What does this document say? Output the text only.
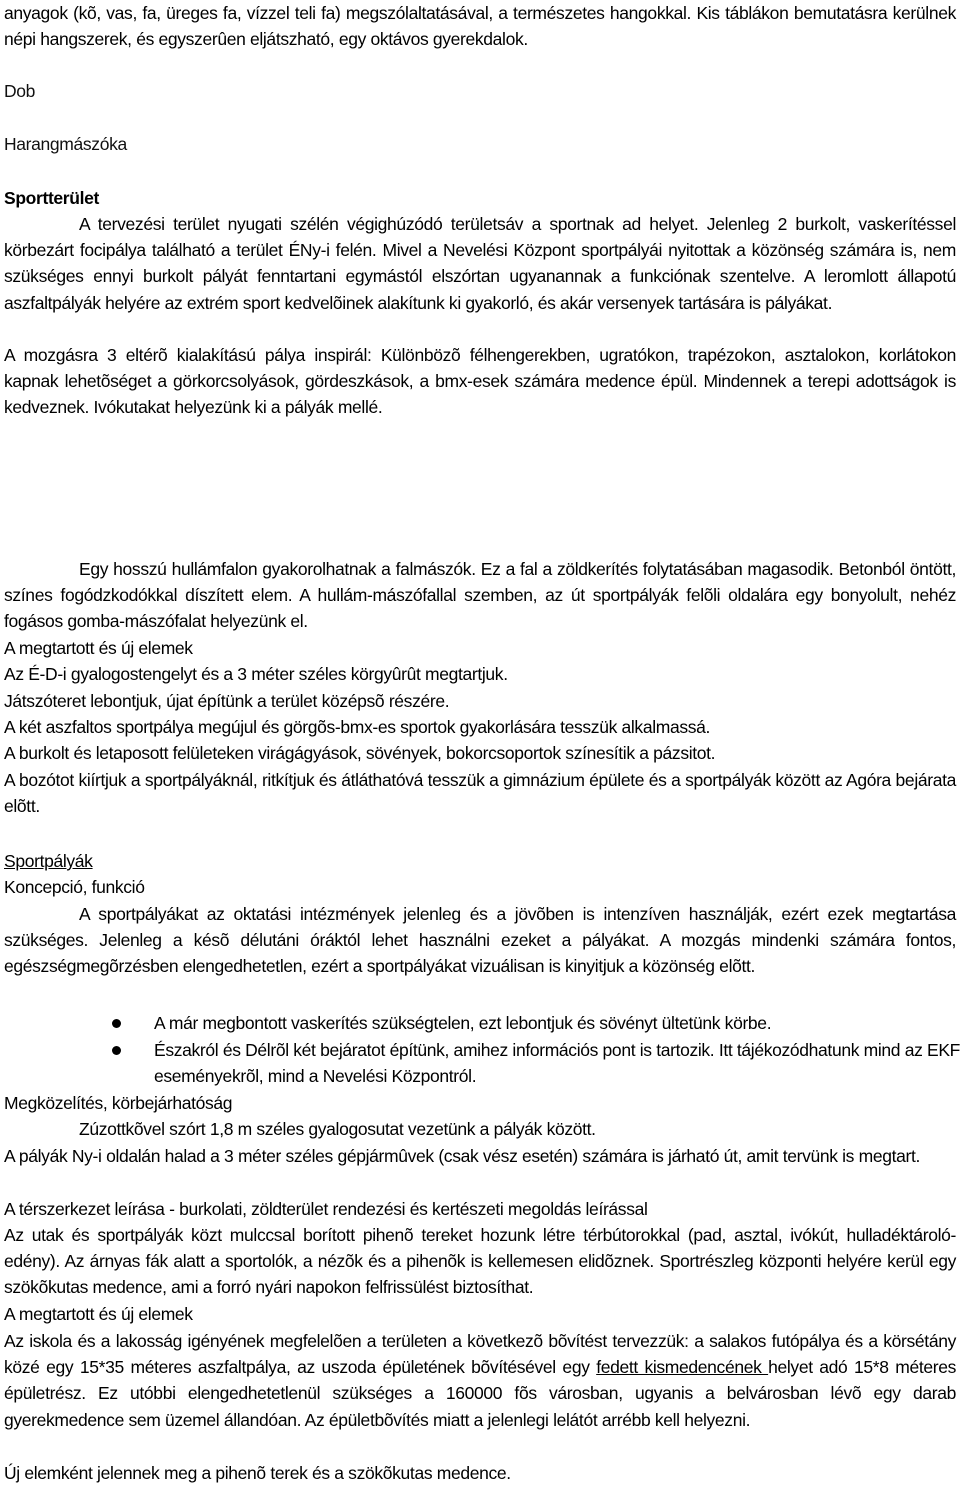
anyagok (kõ, vas, fa, üreges fa, vízzel teli fa) megszólaltatásával, a természetes hangokkal. Kis táblákon bemutatásra kerülnek népi hangszerek, és egyszerûen eljátszható, egy oktávos gyerekdalok.

Dob

Harangmászóka

Sportterület

A tervezési terület nyugati szélén végighúzódó területsáv a sportnak ad helyet. Jelenleg 2 burkolt, vaskerítéssel körbezárt focipálya található a terület ÉNy-i felén. Mivel a Nevelési Központ sportpályái nyitottak a közönség számára is, nem szükséges ennyi burkolt pályát fenntartani egymástól elszórtan ugyanannak a funkciónak szentelve. A leromlott állapotú aszfaltpályák helyére az extrém sport kedvelõinek alakítunk ki gyakorló, és akár versenyek tartására is pályákat.

A mozgásra 3 eltérõ kialakítású pálya inspirál: Különbözõ félhengerekben, ugratókon, trapézokon, asztalokon, korlátokon kapnak lehetõséget a görkorcsolyások, gördeszkások, a bmx-esek számára medence épül. Mindennek a terepi adottságok is kedveznek. Ivókutakat helyezünk ki a pályák mellé.

Egy hosszú hullámfalon gyakorolhatnak a falmászók. Ez a fal a zöldkerítés folytatásában magasodik. Betonból öntött, színes fogódzkodókkal díszített elem. A hullám-mászófallal szemben, az út sportpályák felõli oldalára egy bonyolult, nehéz fogásos gomba-mászófalat helyezünk el.

A megtartott és új elemek

Az É-D-i gyalogostengelyt és a 3 méter széles körgyûrût megtartjuk.

Játszóteret lebontjuk, újat építünk a terület középsõ részére.

A két aszfaltos sportpálya megújul és görgõs-bmx-es sportok gyakorlására tesszük alkalmassá.

A burkolt és letaposott felületeken virágágyások, sövények, bokorcsoportok színesítik a pázsitot.

A bozótot kiírtjuk a sportpályáknál, ritkítjuk és átláthatóvá tesszük a gimnázium épülete és a sportpályák között az Agóra bejárata elõtt.

Sportpályák

Koncepció, funkció

A sportpályákat az oktatási intézmények jelenleg és a jövõben is intenzíven használják, ezért ezek megtartása szükséges. Jelenleg a késõ délutáni óráktól lehet használni ezeket a pályákat. A mozgás mindenki számára fontos, egészségmegõrzésben elengedhetetlen, ezért a sportpályákat vizuálisan is kinyitjuk a közönség elõtt.

A már megbontott vaskerítés szükségtelen, ezt lebontjuk és sövényt ültetünk körbe.
Északról és Délrõl két bejáratot építünk, amihez információs pont is tartozik. Itt tájékozódhatunk mind az EKF eseményekrõl, mind a Nevelési Központról.

Megközelítés, körbejárhatóság

Zúzottkõvel szórt 1,8 m széles gyalogosutat vezetünk a pályák között.

A pályák Ny-i oldalán halad a 3 méter széles gépjármûvek (csak vész esetén) számára is járható út, amit tervünk is megtart.

A térszerkezet leírása - burkolati, zöldterület rendezési és kertészeti megoldás leírással

Az utak és sportpályák közt mulccsal borított pihenõ tereket hozunk létre térbútorokkal (pad, asztal, ivókút, hulladéktároló-edény). Az árnyas fák alatt a sportolók, a nézõk és a pihenõk is kellemesen elidõznek. Sportrészleg központi helyére kerül egy szökõkutas medence, ami a forró nyári napokon felfrissülést biztosíthat.

A megtartott és új elemek

Az iskola és a lakosság igényének megfelelõen a területen a következõ bõvítést tervezzük: a salakos futópálya és a körsétány közé egy 15*35 méteres aszfaltpálya, az uszoda épületének bõvítésével egy fedett kismedencének helyet adó 15*8 méteres épületrész. Ez utóbbi elengedhetetlenül szükséges a 160000 fõs városban, ugyanis a belvárosban lévõ egy darab gyerekmedence sem üzemel állandóan. Az épületbõvítés miatt a jelenlegi lelátót arrébb kell helyezni.

Új elemként jelennek meg a pihenõ terek és a szökõkutas medence.
